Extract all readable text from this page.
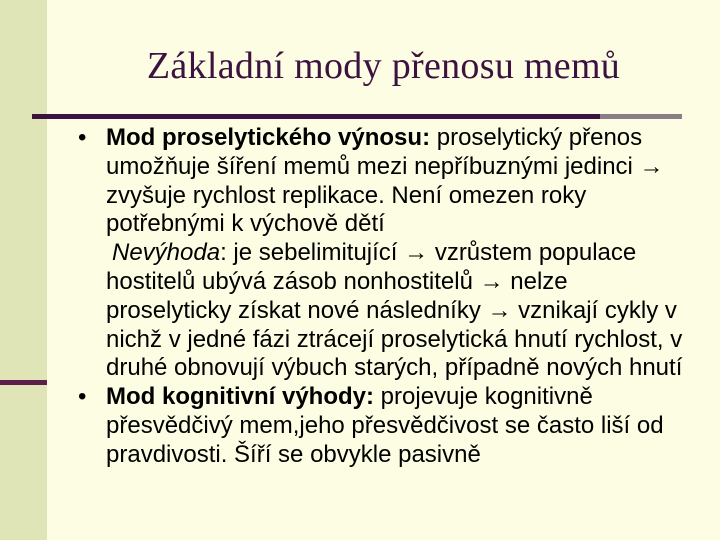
Základní mody přenosu memů
• Mod proselytického výnosu: proselytický přenos umožňuje šíření memů mezi nepříbuznými jedinci → zvyšuje rychlost replikace. Není omezen roky potřebnými k výchově dětí
Nevýhoda: je sebelimitující → vzrůstem populace hostitelů ubývá zásob nonhostitelů → nelze proselyticky získat nové následníky → vznikají cykly v nichž v jedné fázi ztrácejí proselytická hnutí rychlost, v druhé obnovují výbuch starých, případně nových hnutí
• Mod kognitivní výhody: projevuje kognitivně přesvědčivý mem,jeho přesvědčivost se často liší od pravdivosti. Šíří se obvykle pasivně
